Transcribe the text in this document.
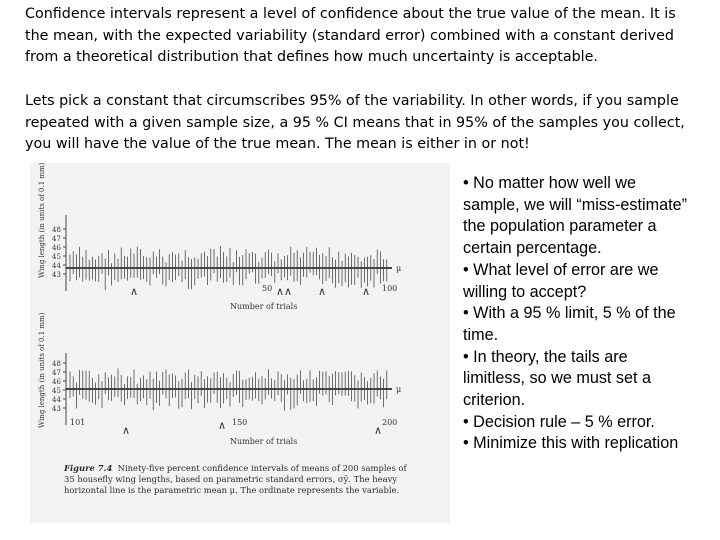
Confidence intervals represent a level of confidence about the true value of the mean. It is the mean, with the expected variability (standard error) combined with a constant derived from a theoretical distribution that defines how much uncertainty is acceptable.

Lets pick a constant that circumscribes 95% of the variability. In other words, if you sample repeated with a given sample size, a 95 % CI means that in 95% of the samples you collect, you will have the value of the true mean. The mean is either in or not!

Wing length (in units of 0.1 mm)	μ
48
47
46
45
44
43
50	100
Number of trials
∧	∧∧ ∧	∧
Wing length (in units of 0.1 mm)	μ
48
47
46
45
44
43
101	150	200
Number of trials
∧	∧	∧
Figure 7.4 Ninety-five percent confidence intervals of means of 200 samples of 35 housefly wing lengths, based on parametric standard errors, σȳ. The heavy horizontal line is the parametric mean μ. The ordinate represents the variable.
• No matter how well we sample, we will “miss-estimate” the population parameter a certain percentage.
• What level of error are we willing to accept?
• With a 95 % limit, 5 % of the time.
• In theory, the tails are limitless, so we must set a criterion.
• Decision rule – 5 % error.
• Minimize this with replication
